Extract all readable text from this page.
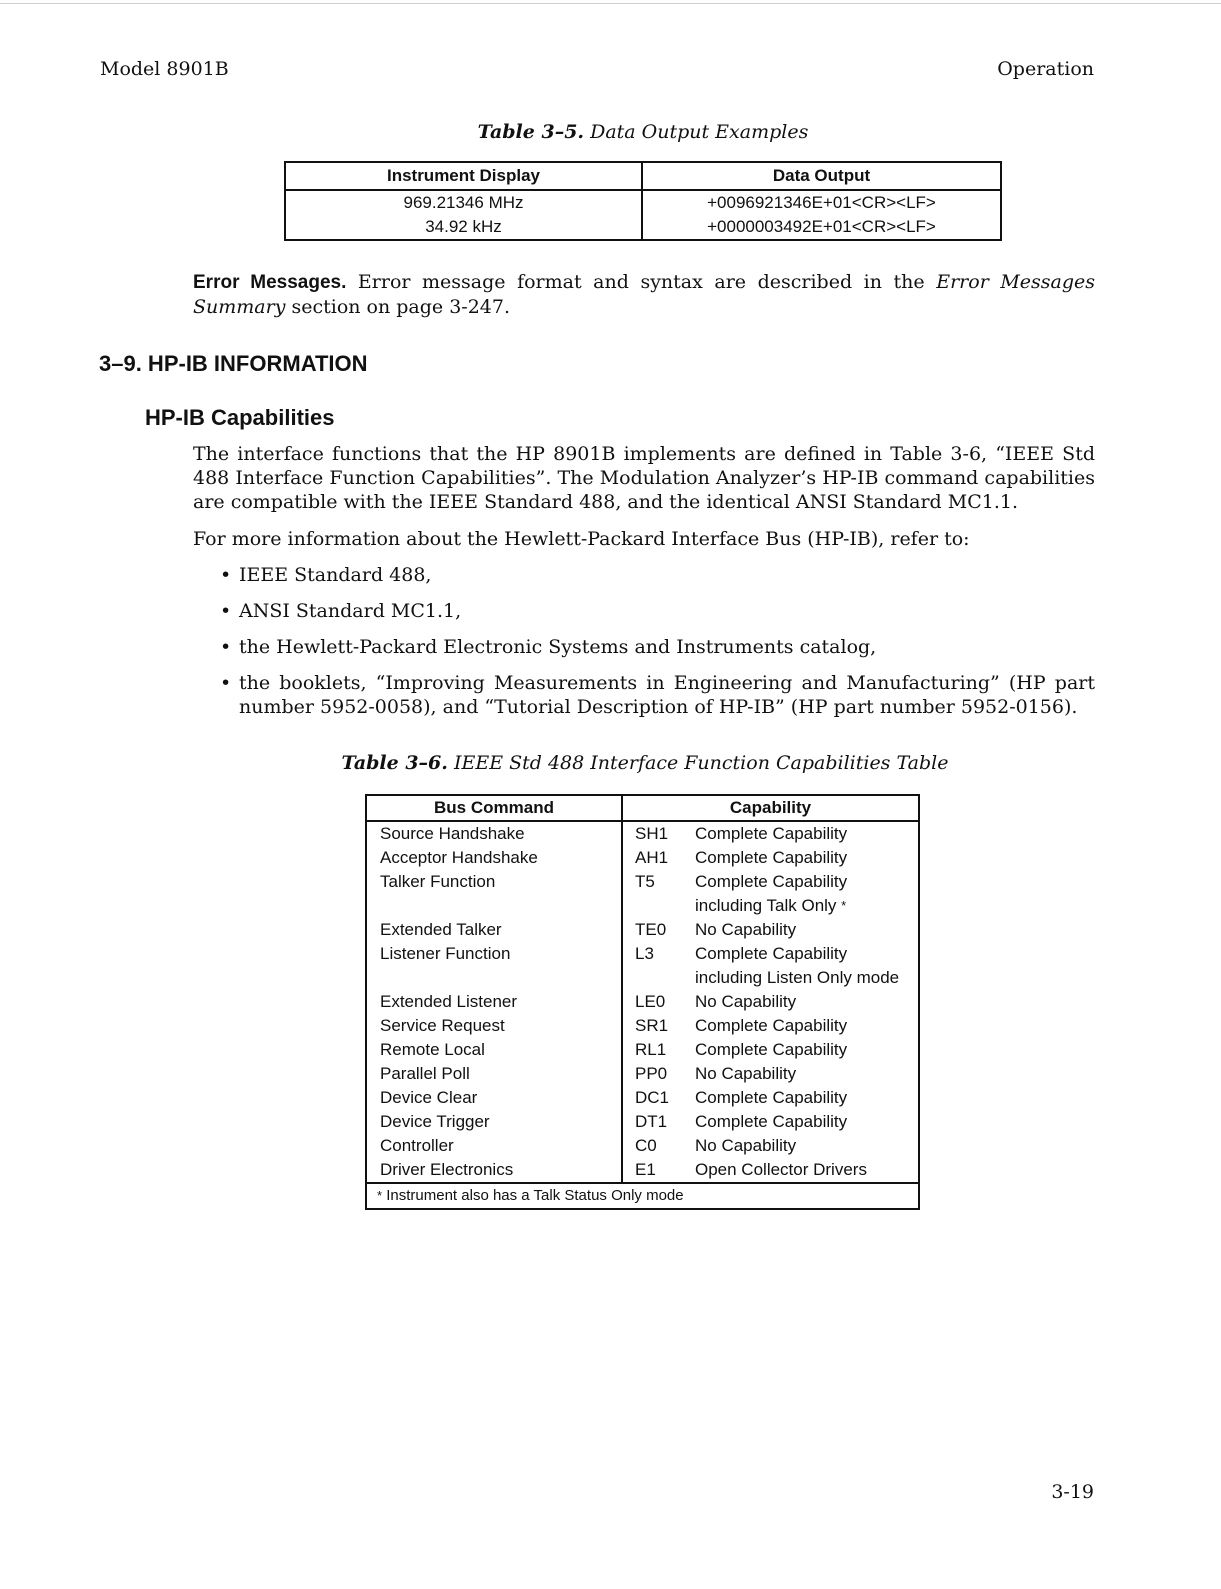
Model 8901B	Operation
Table 3–5. Data Output Examples
Instrument Display	Data Output
969.21346 MHz	+0096921346E+01<CR><LF>
34.92 kHz	+0000003492E+01<CR><LF>
Error Messages. Error message format and syntax are described in the Error Messages Summary section on page 3-247.
3–9. HP-IB INFORMATION
HP-IB Capabilities
The interface functions that the HP 8901B implements are defined in Table 3-6, “IEEE Std 488 Interface Function Capabilities”. The Modulation Analyzer’s HP-IB command capabilities are compatible with the IEEE Standard 488, and the identical ANSI Standard MC1.1.
For more information about the Hewlett-Packard Interface Bus (HP-IB), refer to:
• IEEE Standard 488,
• ANSI Standard MC1.1,
• the Hewlett-Packard Electronic Systems and Instruments catalog,
• the booklets, “Improving Measurements in Engineering and Manufacturing” (HP part number 5952-0058), and “Tutorial Description of HP-IB” (HP part number 5952-0156).
Table 3–6. IEEE Std 488 Interface Function Capabilities Table
Bus Command	Capability	
Source Handshake	SH1	Complete Capability
Acceptor Handshake	AH1	Complete Capability
Talker Function	T5	Complete Capability
		including Talk Only *
Extended Talker	TE0	No Capability
Listener Function	L3	Complete Capability
		including Listen Only mode
Extended Listener	LE0	No Capability
Service Request	SR1	Complete Capability
Remote Local	RL1	Complete Capability
Parallel Poll	PP0	No Capability
Device Clear	DC1	Complete Capability
Device Trigger	DT1	Complete Capability
Controller	C0	No Capability
Driver Electronics	E1	Open Collector Drivers
* Instrument also has a Talk Status Only mode		
3-19
